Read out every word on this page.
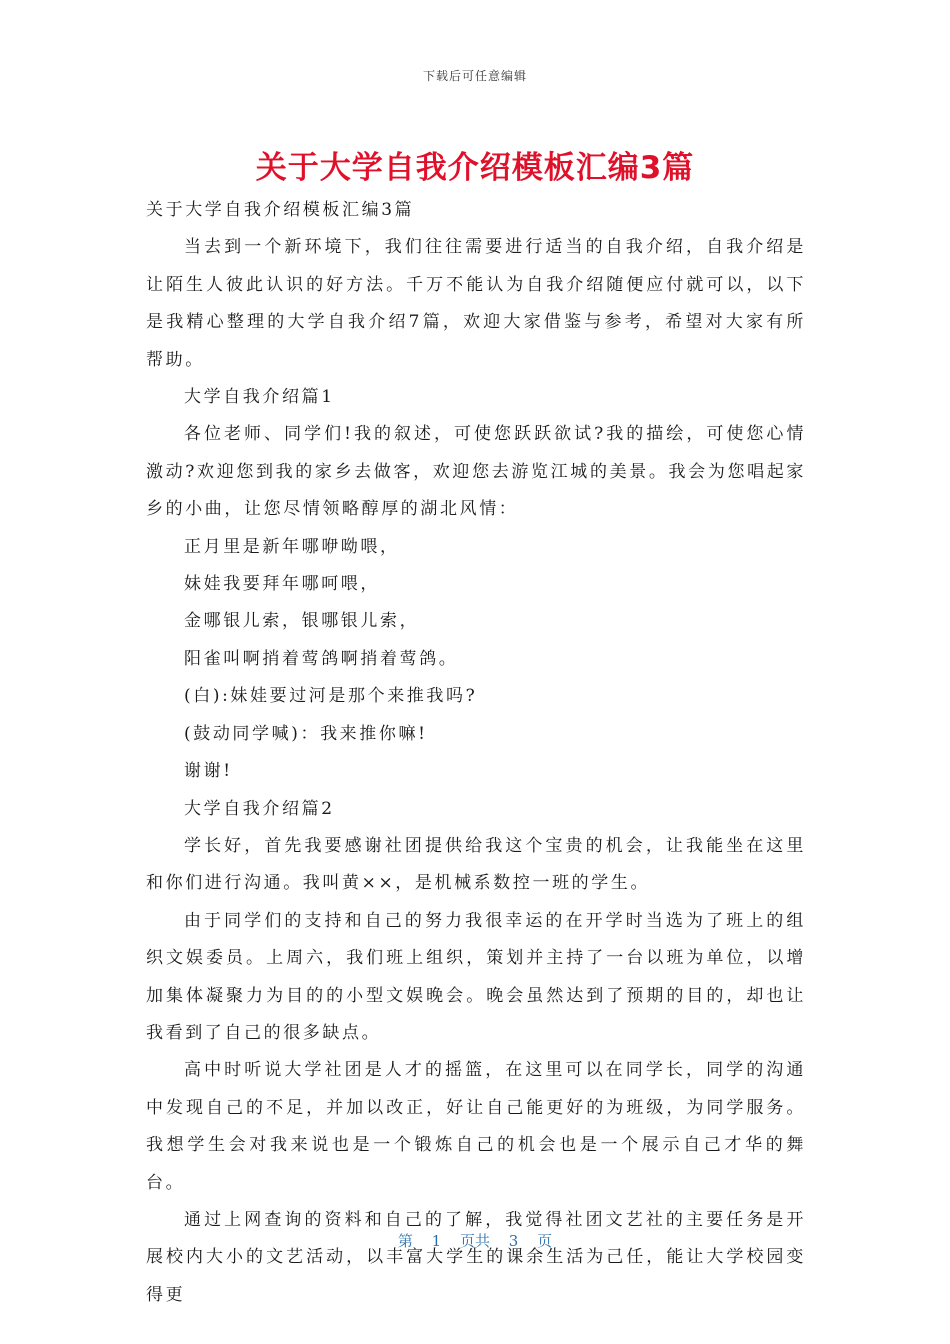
下载后可任意编辑
关于大学自我介绍模板汇编3篇

关于大学自我介绍模板汇编3篇

当去到一个新环境下，我们往往需要进行适当的自我介绍，自我介绍是让陌生人彼此认识的好方法。千万不能认为自我介绍随便应付就可以，以下是我精心整理的大学自我介绍7篇，欢迎大家借鉴与参考，希望对大家有所帮助。

大学自我介绍篇1

各位老师、同学们!我的叙述，可使您跃跃欲试?我的描绘，可使您心情激动?欢迎您到我的家乡去做客，欢迎您去游览江城的美景。我会为您唱起家乡的小曲，让您尽情领略醇厚的湖北风情：

正月里是新年哪咿呦喂，

妹娃我要拜年哪呵喂，

金哪银儿索，银哪银儿索，

阳雀叫啊捎着莺鸽啊捎着莺鸽。

(白):妹娃要过河是那个来推我吗?

(鼓动同学喊)：我来推你嘛!

谢谢!

大学自我介绍篇2

学长好，首先我要感谢社团提供给我这个宝贵的机会，让我能坐在这里和你们进行沟通。我叫黄××，是机械系数控一班的学生。

由于同学们的支持和自己的努力我很幸运的在开学时当选为了班上的组织文娱委员。上周六，我们班上组织，策划并主持了一台以班为单位，以增加集体凝聚力为目的的小型文娱晚会。晚会虽然达到了预期的目的，却也让我看到了自己的很多缺点。

高中时听说大学社团是人才的摇篮，在这里可以在同学长，同学的沟通中发现自己的不足，并加以改正，好让自己能更好的为班级，为同学服务。我想学生会对我来说也是一个锻炼自己的机会也是一个展示自己才华的舞台。

通过上网查询的资料和自己的了解，我觉得社团文艺社的主要任务是开展校内大小的文艺活动，以丰富大学生的课余生活为己任，能让大学校园变得更

第 1 页共 3 页
